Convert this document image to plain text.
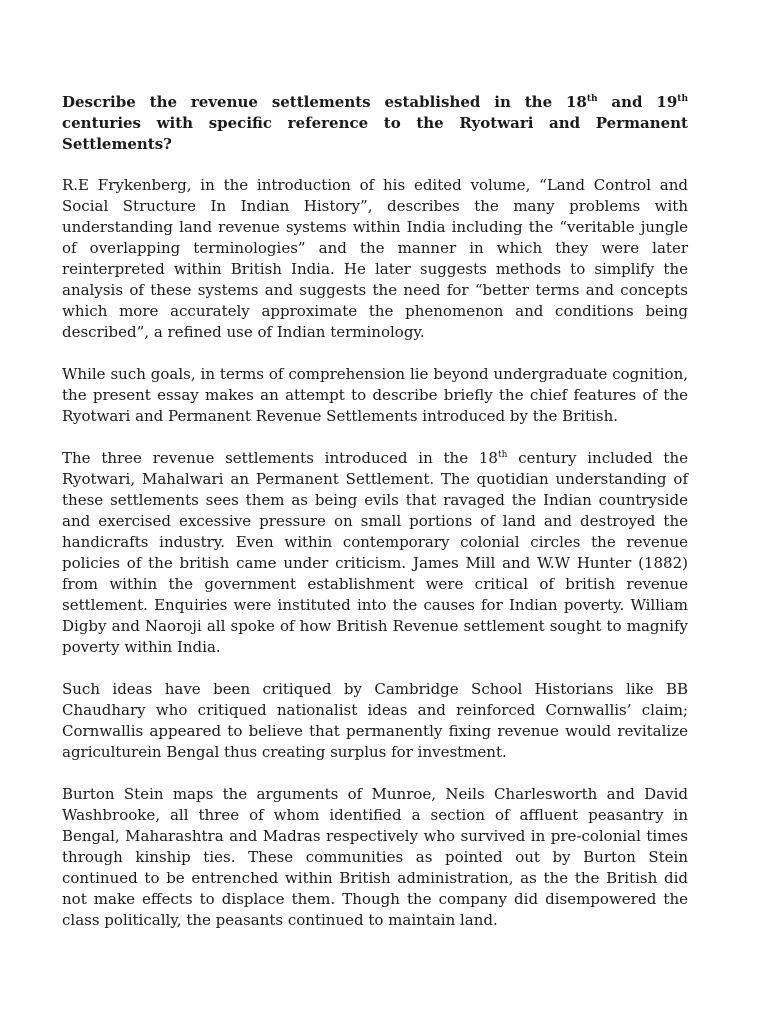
Describe the revenue settlements established in the 18th and 19th centuries with specific reference to the Ryotwari and Permanent Settlements?

R.E Frykenberg, in the introduction of his edited volume, “Land Control and Social Structure In Indian History”, describes the many problems with understanding land revenue systems within India including the “veritable jungle of overlapping terminologies” and the manner in which they were later reinterpreted within British India. He later suggests methods to simplify the analysis of these systems and suggests the need for “better terms and concepts which more accurately approximate the phenomenon and conditions being described”, a refined use of Indian terminology.

While such goals, in terms of comprehension lie beyond undergraduate cognition, the present essay makes an attempt to describe briefly the chief features of the Ryotwari and Permanent Revenue Settlements introduced by the British.

The three revenue settlements introduced in the 18th century included the Ryotwari, Mahalwari an Permanent Settlement. The quotidian understanding of these settlements sees them as being evils that ravaged the Indian countryside and exercised excessive pressure on small portions of land and destroyed the handicrafts industry. Even within contemporary colonial circles the revenue policies of the british came under criticism. James Mill and W.W Hunter (1882) from within the government establishment were critical of british revenue settlement. Enquiries were instituted into the causes for Indian poverty. William Digby and Naoroji all spoke of how British Revenue settlement sought to magnify poverty within India.

Such ideas have been critiqued by Cambridge School Historians like BB Chaudhary who critiqued nationalist ideas and reinforced Cornwallis’ claim; Cornwallis appeared to believe that permanently fixing revenue would revitalize agriculturein Bengal thus creating surplus for investment.

Burton Stein maps the arguments of Munroe, Neils Charlesworth and David Washbrooke, all three of whom identified a section of affluent peasantry in Bengal, Maharashtra and Madras respectively who survived in pre-colonial times through kinship ties. These communities as pointed out by Burton Stein continued to be entrenched within British administration, as the the British did not make effects to displace them. Though the company did disempowered the class politically, the peasants continued to maintain land.
